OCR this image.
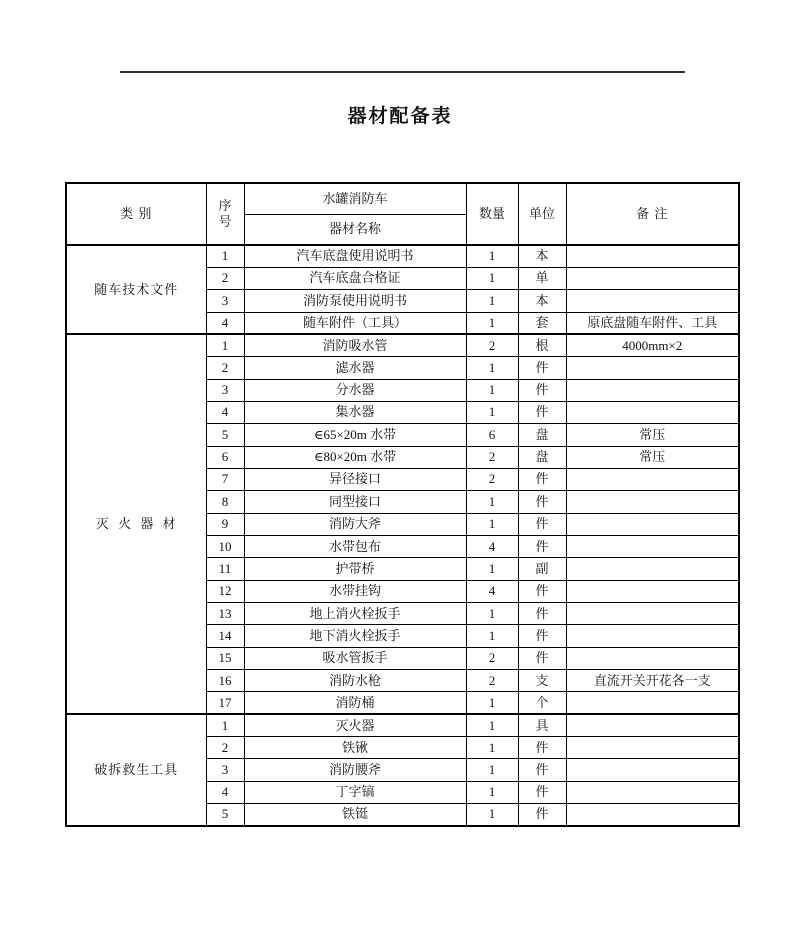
器材配备表
类 别	序
号	水罐消防车	数量	单位	备 注
		器材名称			
随车技术文件	1	汽车底盘使用说明书	1	本	
	2	汽车底盘合格证	1	单	
	3	消防泵使用说明书	1	本	
	4	随车附件（工具）	1	套	原底盘随车附件、工具
灭 火 器 材	1	消防吸水管	2	根	4000mm×2
	2	滤水器	1	件	
	3	分水器	1	件	
	4	集水器	1	件	
	5	∈65×20m 水带	6	盘	常压
	6	∈80×20m 水带	2	盘	常压
	7	异径接口	2	件	
	8	同型接口	1	件	
	9	消防大斧	1	件	
	10	水带包布	4	件	
	11	护带桥	1	副	
	12	水带挂钩	4	件	
	13	地上消火栓扳手	1	件	
	14	地下消火栓扳手	1	件	
	15	吸水管扳手	2	件	
	16	消防水枪	2	支	直流开关开花各一支
	17	消防桶	1	个	
破拆救生工具	1	灭火器	1	具	
	2	铁锹	1	件	
	3	消防腰斧	1	件	
	4	丁字镐	1	件	
	5	铁铤	1	件	
